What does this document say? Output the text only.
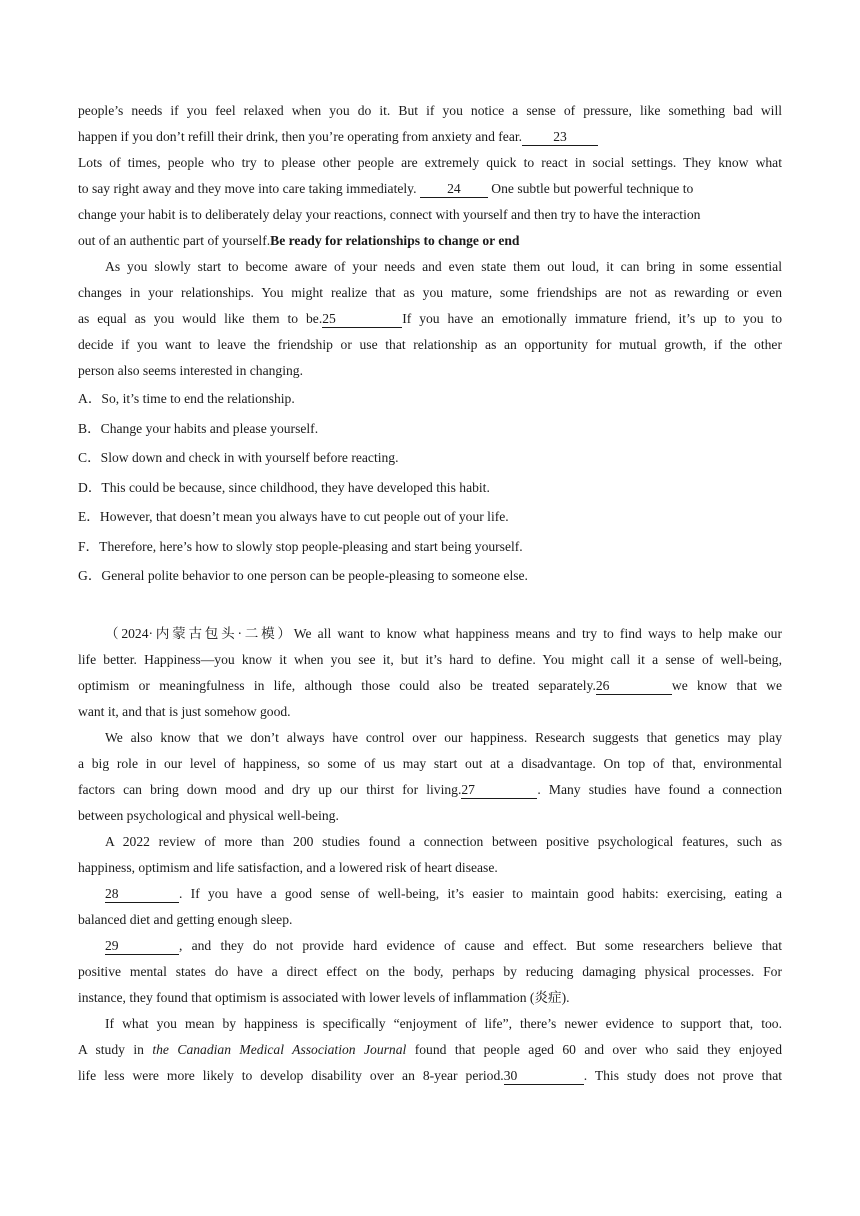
people’s needs if you feel relaxed when you do it. But if you notice a sense of pressure, like something bad will
happen if you don’t refill their drink, then you’re operating from anxiety and fear. 23
Lots of times, people who try to please other people are extremely quick to react in social settings. They know what
to say right away and they move into care taking immediately. 24 One subtle but powerful technique to
change your habit is to deliberately delay your reactions, connect with yourself and then try to have the interaction
out of an authentic part of yourself.Be ready for relationships to change or end
As you slowly start to become aware of your needs and even state them out loud, it can bring in some essential
changes in your relationships. You might realize that as you mature, some friendships are not as rewarding or even
as equal as you would like them to be.25	If you have an emotionally immature friend, it’s up to you to
decide if you want to leave the friendship or use that relationship as an opportunity for mutual growth, if the other
person also seems interested in changing.
A．So, it’s time to end the relationship.
B．Change your habits and please yourself.
C．Slow down and check in with yourself before reacting.
D．This could be because, since childhood, they have developed this habit.
E．However, that doesn’t mean you always have to cut people out of your life.
F．Therefore, here’s how to slowly stop people-pleasing and start being yourself.
G．General polite behavior to one person can be people-pleasing to someone else.
（2024·内蒙古包头·二模）We all want to know what happiness means and try to find ways to help make our
life better. Happiness—you know it when you see it, but it’s hard to define. You might call it a sense of well-being,
optimism or meaningfulness in life, although those could also be treated separately.26	we know that we
want it, and that is just somehow good.
We also know that we don’t always have control over our happiness. Research suggests that genetics may play
a big role in our level of happiness, so some of us may start out at a disadvantage. On top of that, environmental
factors can bring down mood and dry up our thirst for living.27	. Many studies have found a connection
between psychological and physical well-being.
A 2022 review of more than 200 studies found a connection between positive psychological features, such as
happiness, optimism and life satisfaction, and a lowered risk of heart disease.
28	. If you have a good sense of well-being, it’s easier to maintain good habits: exercising, eating a
balanced diet and getting enough sleep.
29	, and they do not provide hard evidence of cause and effect. But some researchers believe that
positive mental states do have a direct effect on the body, perhaps by reducing damaging physical processes. For
instance, they found that optimism is associated with lower levels of inflammation (炎症).
If what you mean by happiness is specifically “enjoyment of life”, there’s newer evidence to support that, too.
A study in the Canadian Medical Association Journal found that people aged 60 and over who said they enjoyed
life less were more likely to develop disability over an 8-year period.30	. This study does not prove that
